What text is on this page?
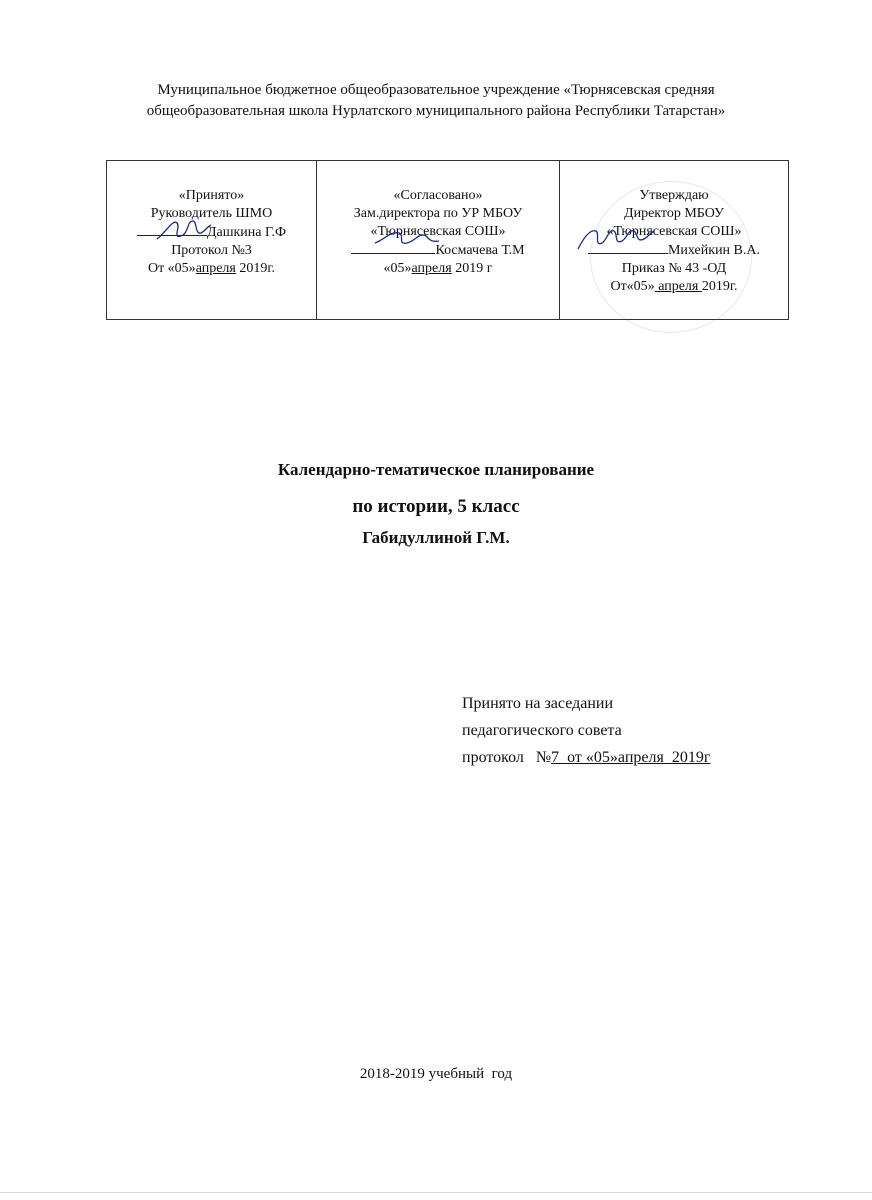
Муниципальное бюджетное общеобразовательное учреждение «Тюрнясевская средняя
общеобразовательная школа Нурлатского муниципального района Республики Татарстан»
«Принято»
Руководитель ШМО
Дашкина Г.Ф
Протокол №3
От «05»апреля 2019г.

«Согласовано»
Зам.директора по УР МБОУ
«Тюрнясевская СОШ»
Космачева Т.М
«05»апреля 2019 г

Утверждаю
Директор МБОУ
«Тюрнясевская СОШ»
Михейкин В.А.
Приказ № 43 -ОД
От«05» апреля 2019г.
Календарно-тематическое планирование
по истории, 5 класс
Габидуллиной Г.М.
Принято на заседании
педагогического совета
протокол   №7  от «05»апреля  2019г
2018-2019 учебный  год
